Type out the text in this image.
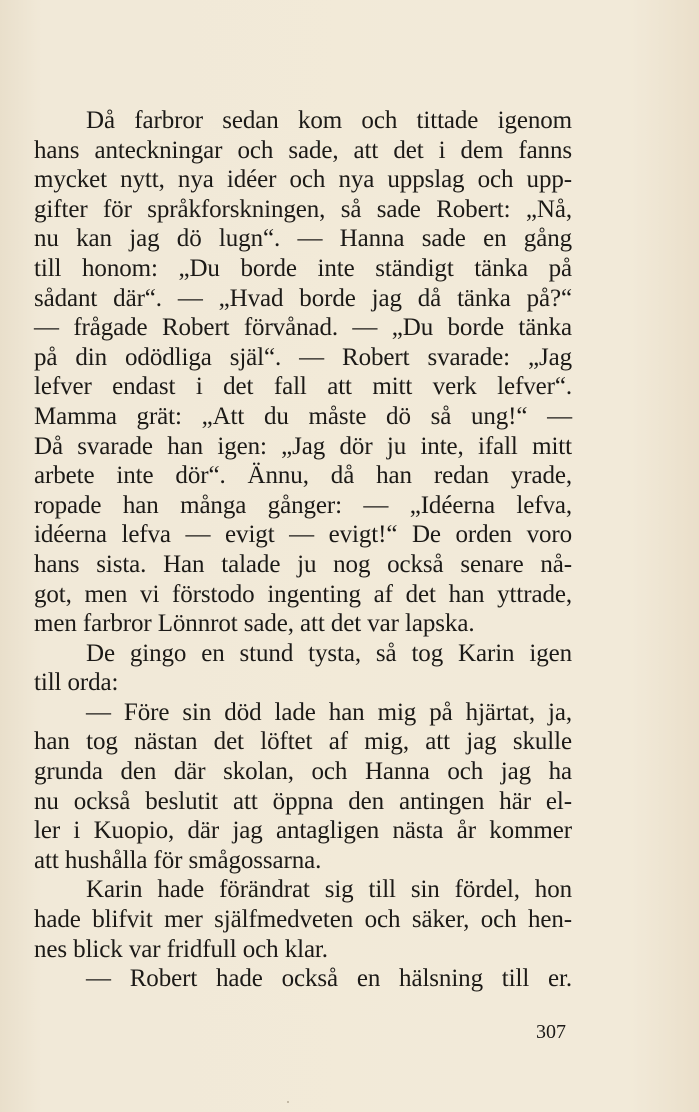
Då farbror sedan kom och tittade igenom
hans anteckningar och sade, att det i dem fanns
mycket nytt, nya idéer och nya uppslag och upp-
gifter för språkforskningen, så sade Robert: „Nå,
nu kan jag dö lugn“. — Hanna sade en gång
till honom: „Du borde inte ständigt tänka på
sådant där“. — „Hvad borde jag då tänka på?“
— frågade Robert förvånad. — „Du borde tänka
på din odödliga själ“. — Robert svarade: „Jag
lefver endast i det fall att mitt verk lefver“.
Mamma grät: „Att du måste dö så ung!“ —
Då svarade han igen: „Jag dör ju inte, ifall mitt
arbete inte dör“. Ännu, då han redan yrade,
ropade han många gånger: — „Idéerna lefva,
idéerna lefva — evigt — evigt!“ De orden voro
hans sista. Han talade ju nog också senare nå-
got, men vi förstodo ingenting af det han yttrade,
men farbror Lönnrot sade, att det var lapska.
De gingo en stund tysta, så tog Karin igen
till orda:
— Före sin död lade han mig på hjärtat, ja,
han tog nästan det löftet af mig, att jag skulle
grunda den där skolan, och Hanna och jag ha
nu också beslutit att öppna den antingen här el-
ler i Kuopio, där jag antagligen nästa år kommer
att hushålla för smågossarna.
Karin hade förändrat sig till sin fördel, hon
hade blifvit mer själfmedveten och säker, och hen-
nes blick var fridfull och klar.
— Robert hade också en hälsning till er.
307
